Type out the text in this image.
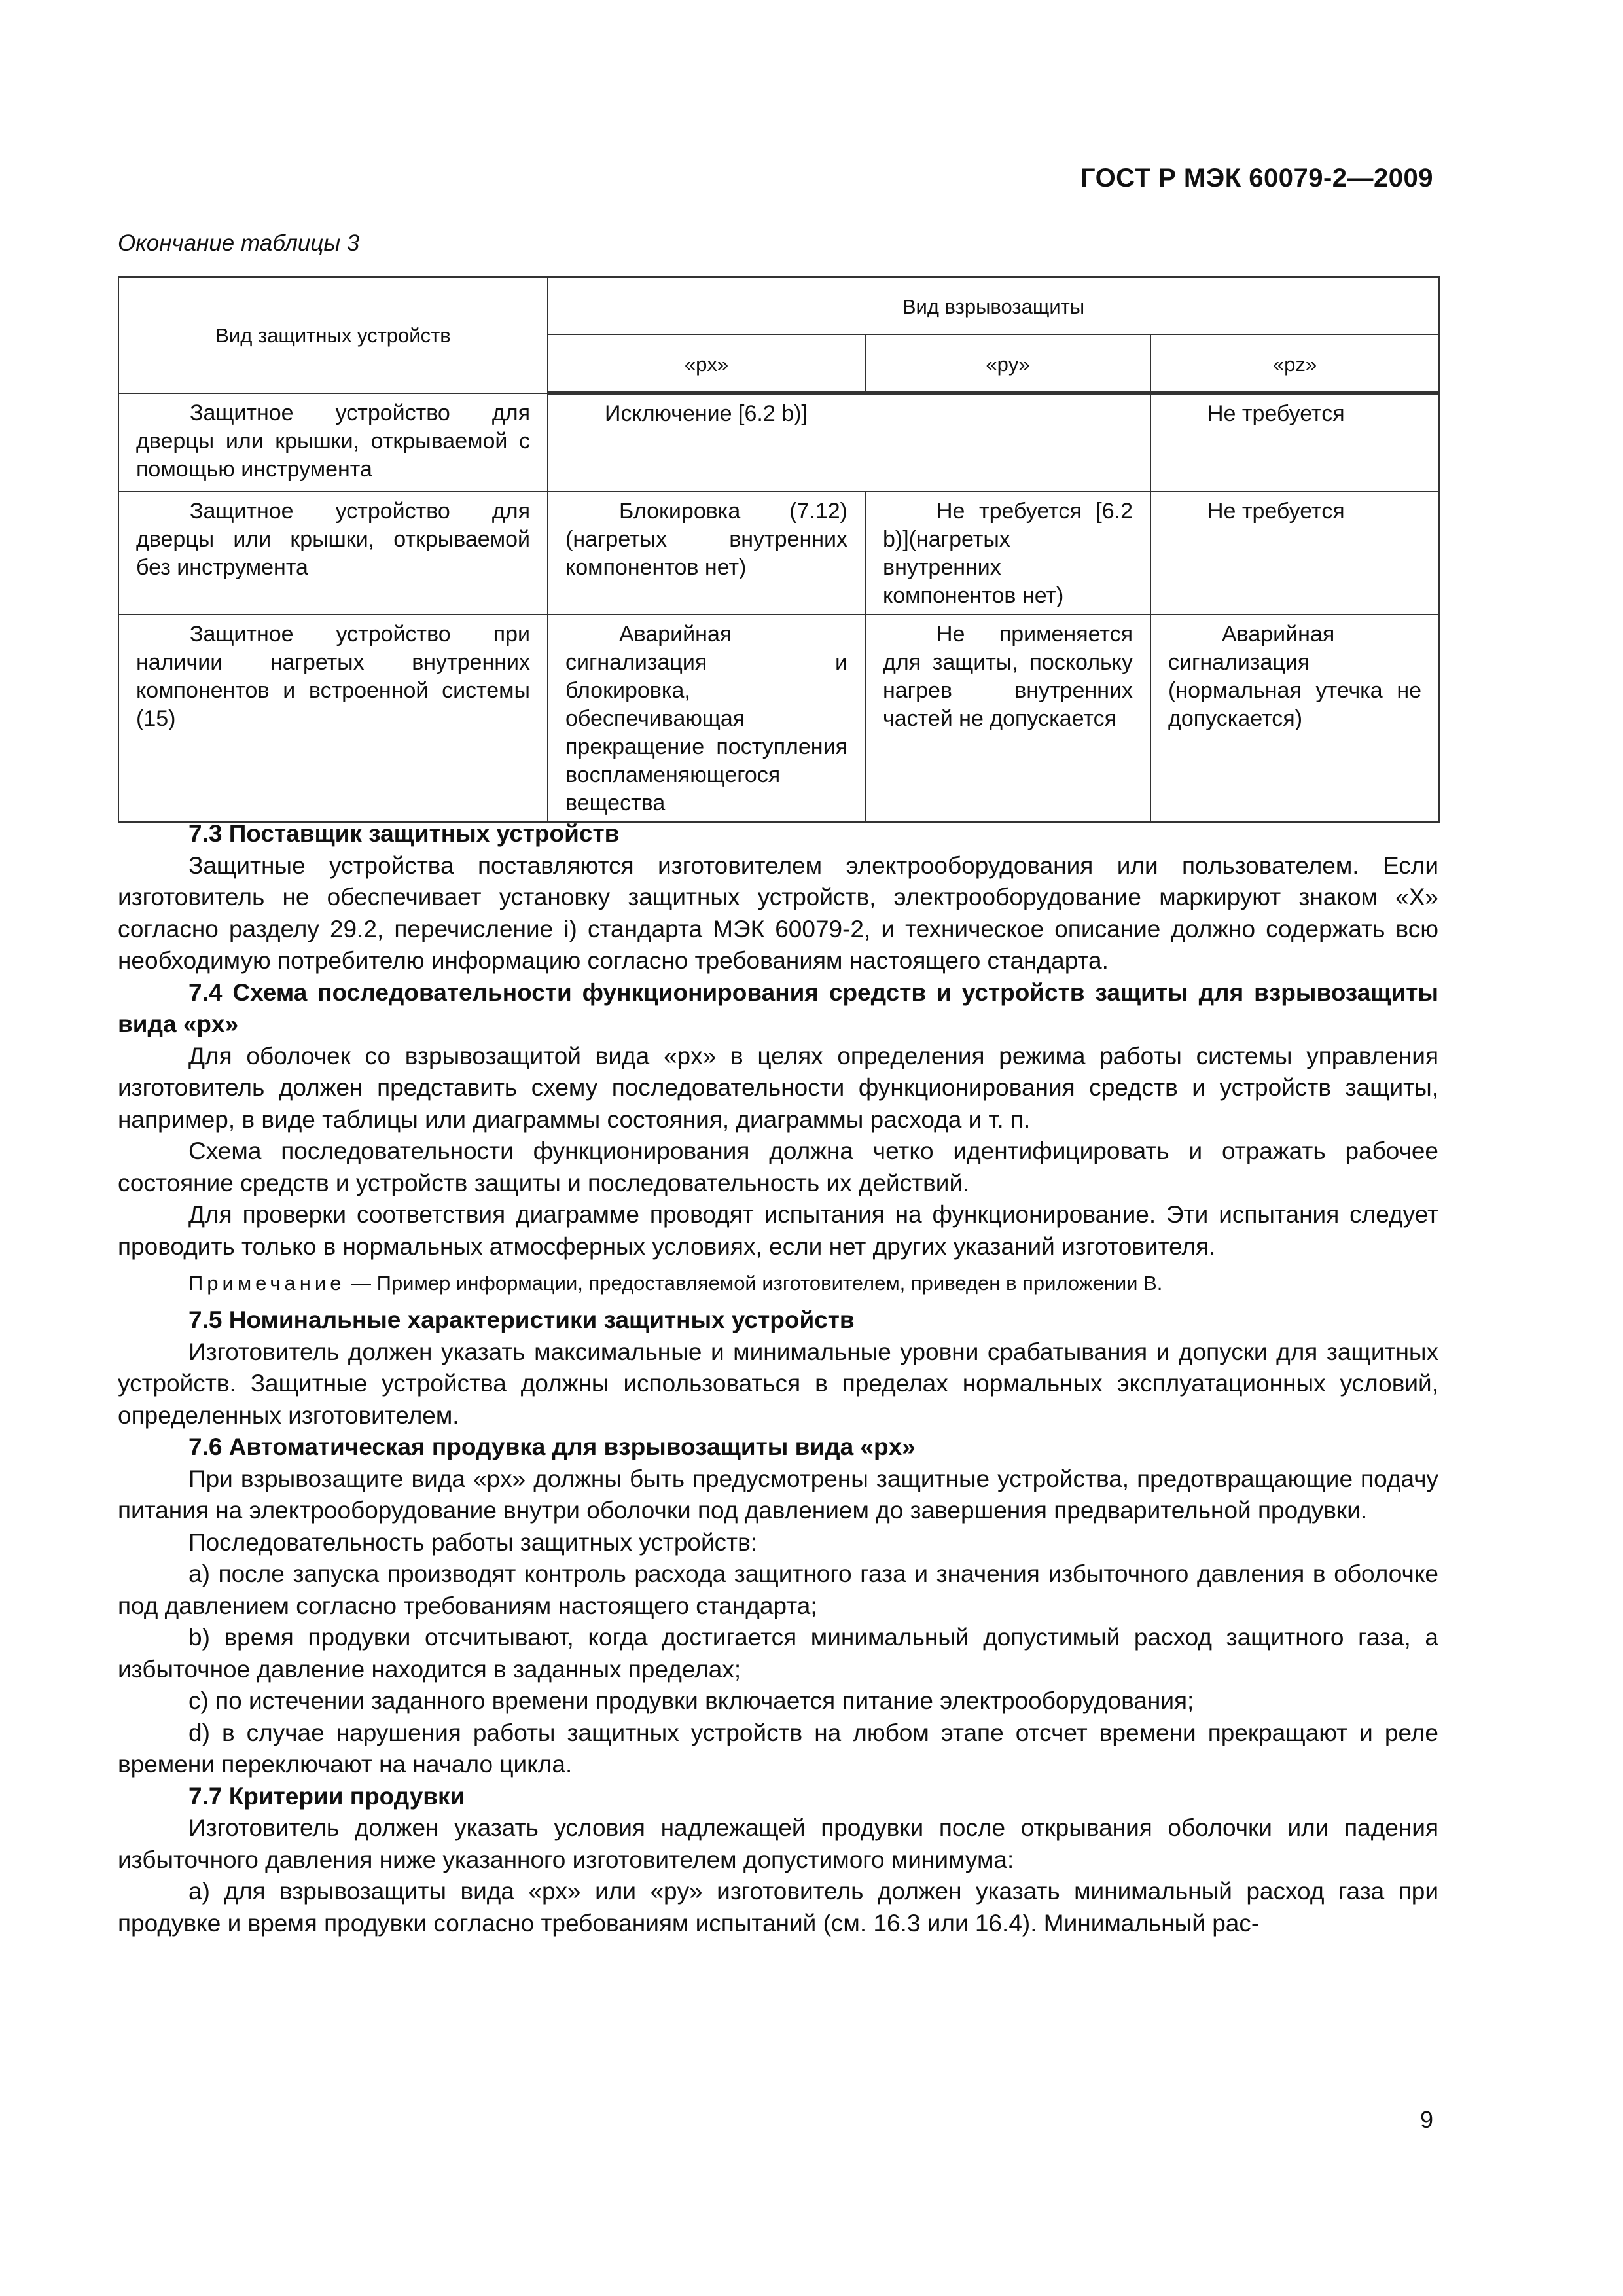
ГОСТ Р МЭК 60079-2—2009
Окончание таблицы 3
Вид защитных устройств	Вид взрывозащиты		
	«px»	«py»	«pz»
Защитное устройство для дверцы или крышки, открываемой с помощью инструмента	Исключение [6.2 b)]		Не требуется
Защитное устройство для дверцы или крышки, открываемой без инструмента	Блокировка (7.12) (нагретых внутренних компонентов нет)	Не требуется [6.2 b)](нагретых внутренних компонентов нет)	Не требуется
Защитное устройство при наличии нагретых внутренних компонентов и встроенной системы (15)	Аварийная сигнализация и блокировка, обеспечивающая прекращение поступления воспламеняющегося вещества	Не применяется для защиты, поскольку нагрев внутренних частей не допускается	Аварийная сигнализация (нормальная утечка не допускается)
7.3 Поставщик защитных устройств

Защитные устройства поставляются изготовителем электрооборудования или пользователем. Если изготовитель не обеспечивает установку защитных устройств, электрооборудование маркируют знаком «X» согласно разделу 29.2, перечисление i) стандарта МЭК 60079-2, и техническое описание должно содержать всю необходимую потребителю информацию согласно требованиям настоящего стандарта.

7.4 Схема последовательности функционирования средств и устройств защиты для взрывозащиты вида «px»

Для оболочек со взрывозащитой вида «px» в целях определения режима работы системы управления изготовитель должен представить схему последовательности функционирования средств и устройств защиты, например, в виде таблицы или диаграммы состояния, диаграммы расхода и т. п.

Схема последовательности функционирования должна четко идентифицировать и отражать рабочее состояние средств и устройств защиты и последовательность их действий.

Для проверки соответствия диаграмме проводят испытания на функционирование. Эти испытания следует проводить только в нормальных атмосферных условиях, если нет других указаний изготовителя.

Примечание — Пример информации, предоставляемой изготовителем, приведен в приложении В.

7.5 Номинальные характеристики защитных устройств

Изготовитель должен указать максимальные и минимальные уровни срабатывания и допуски для защитных устройств. Защитные устройства должны использоваться в пределах нормальных эксплуатационных условий, определенных изготовителем.

7.6 Автоматическая продувка для взрывозащиты вида «px»

При взрывозащите вида «px» должны быть предусмотрены защитные устройства, предотвращающие подачу питания на электрооборудование внутри оболочки под давлением до завершения предварительной продувки.

Последовательность работы защитных устройств:

a) после запуска производят контроль расхода защитного газа и значения избыточного давления в оболочке под давлением согласно требованиям настоящего стандарта;

b) время продувки отсчитывают, когда достигается минимальный допустимый расход защитного газа, а избыточное давление находится в заданных пределах;

c) по истечении заданного времени продувки включается питание электрооборудования;

d) в случае нарушения работы защитных устройств на любом этапе отсчет времени прекращают и реле времени переключают на начало цикла.

7.7 Критерии продувки

Изготовитель должен указать условия надлежащей продувки после открывания оболочки или падения избыточного давления ниже указанного изготовителем допустимого минимума:

a) для взрывозащиты вида «px» или «py» изготовитель должен указать минимальный расход газа при продувке и время продувки согласно требованиям испытаний (см. 16.3 или 16.4). Минимальный рас-

9
